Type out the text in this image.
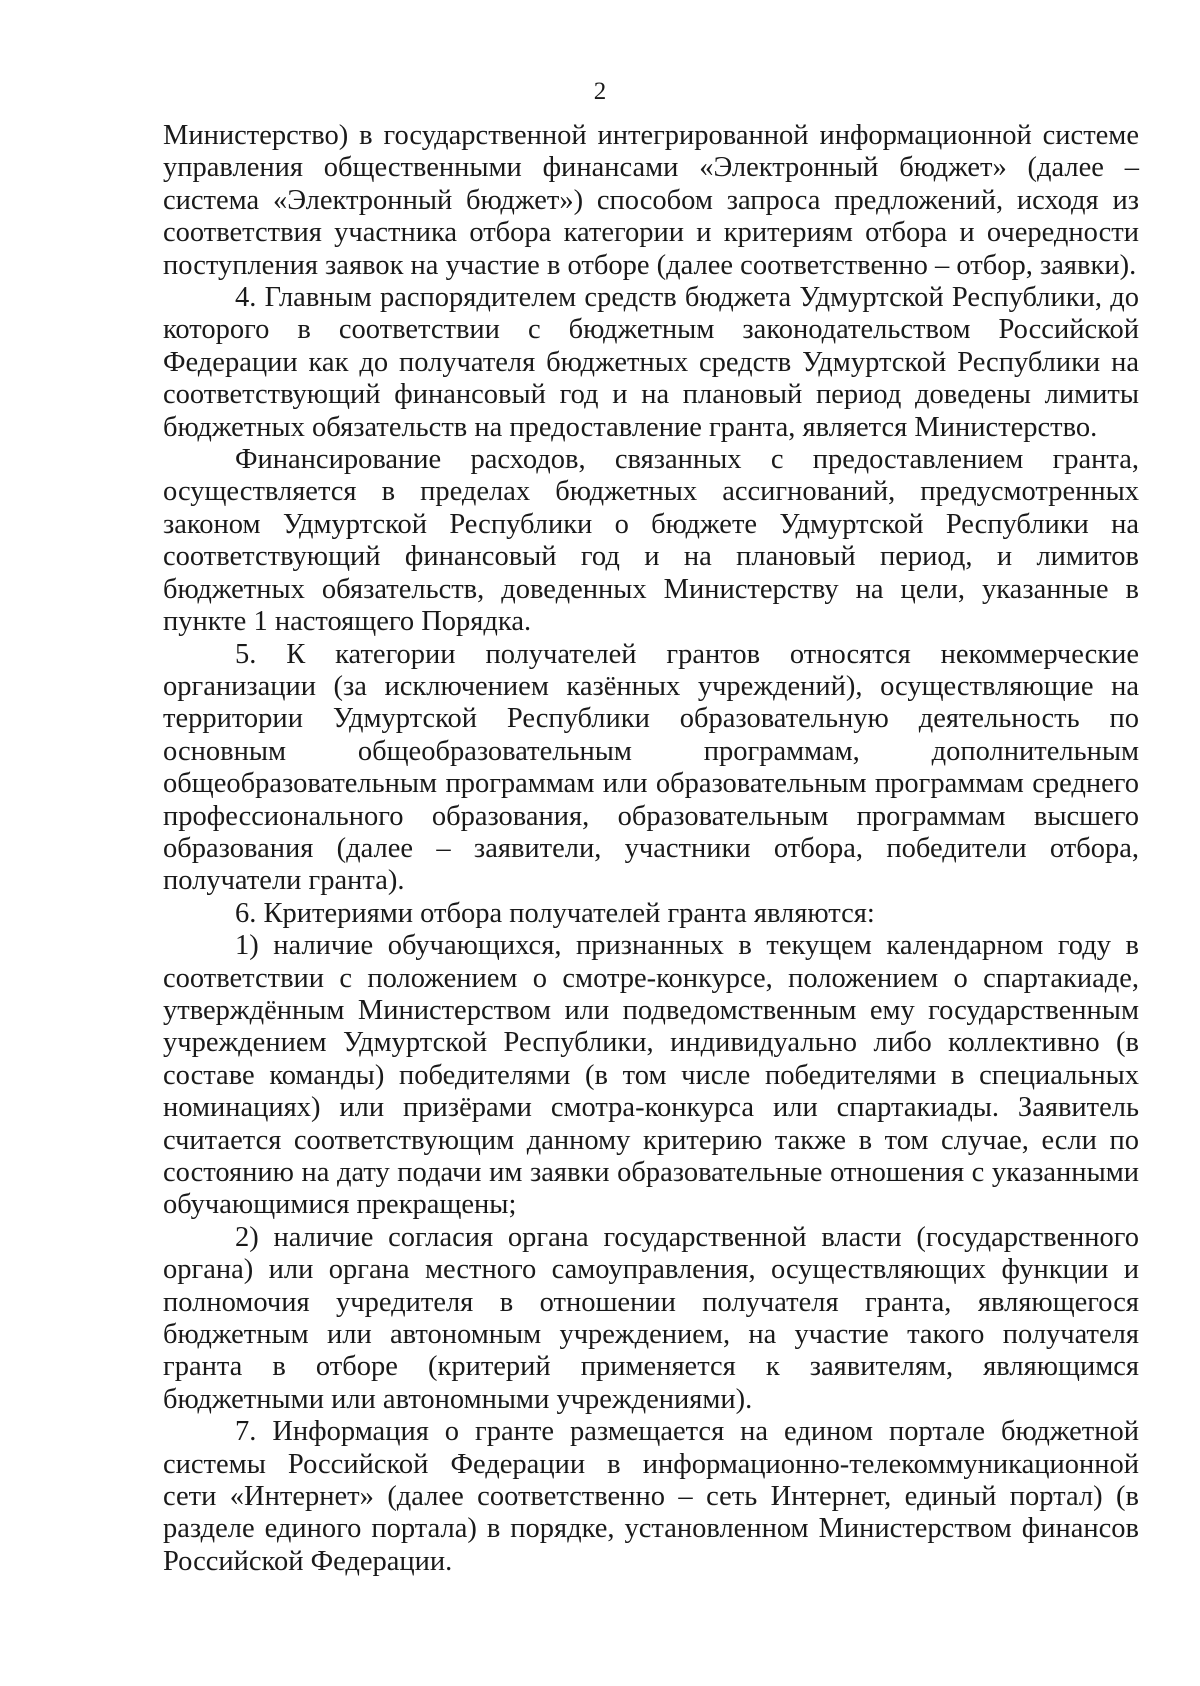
2

Министерство) в государственной интегрированной информационной системе управления общественными финансами «Электронный бюджет» (далее – система «Электронный бюджет») способом запроса предложений, исходя из соответствия участника отбора категории и критериям отбора и очередности поступления заявок на участие в отборе (далее соответственно – отбор, заявки).

4. Главным распорядителем средств бюджета Удмуртской Республики, до которого в соответствии с бюджетным законодательством Российской Федерации как до получателя бюджетных средств Удмуртской Республики на соответствующий финансовый год и на плановый период доведены лимиты бюджетных обязательств на предоставление гранта, является Министерство.

Финансирование расходов, связанных с предоставлением гранта, осуществляется в пределах бюджетных ассигнований, предусмотренных законом Удмуртской Республики о бюджете Удмуртской Республики на соответствующий финансовый год и на плановый период, и лимитов бюджетных обязательств, доведенных Министерству на цели, указанные в пункте 1 настоящего Порядка.

5. К категории получателей грантов относятся некоммерческие организации (за исключением казённых учреждений), осуществляющие на территории Удмуртской Республики образовательную деятельность по основным общеобразовательным программам, дополнительным общеобразовательным программам или образовательным программам среднего профессионального образования, образовательным программам высшего образования (далее – заявители, участники отбора, победители отбора, получатели гранта).

6. Критериями отбора получателей гранта являются:

1) наличие обучающихся, признанных в текущем календарном году в соответствии с положением о смотре-конкурсе, положением о спартакиаде, утверждённым Министерством или подведомственным ему государственным учреждением Удмуртской Республики, индивидуально либо коллективно (в составе команды) победителями (в том числе победителями в специальных номинациях) или призёрами смотра-конкурса или спартакиады. Заявитель считается соответствующим данному критерию также в том случае, если по состоянию на дату подачи им заявки образовательные отношения с указанными обучающимися прекращены;

2) наличие согласия органа государственной власти (государственного органа) или органа местного самоуправления, осуществляющих функции и полномочия учредителя в отношении получателя гранта, являющегося бюджетным или автономным учреждением, на участие такого получателя гранта в отборе (критерий применяется к заявителям, являющимся бюджетными или автономными учреждениями).

7. Информация о гранте размещается на едином портале бюджетной системы Российской Федерации в информационно-телекоммуникационной сети «Интернет» (далее соответственно – сеть Интернет, единый портал) (в разделе единого портала) в порядке, установленном Министерством финансов Российской Федерации.
